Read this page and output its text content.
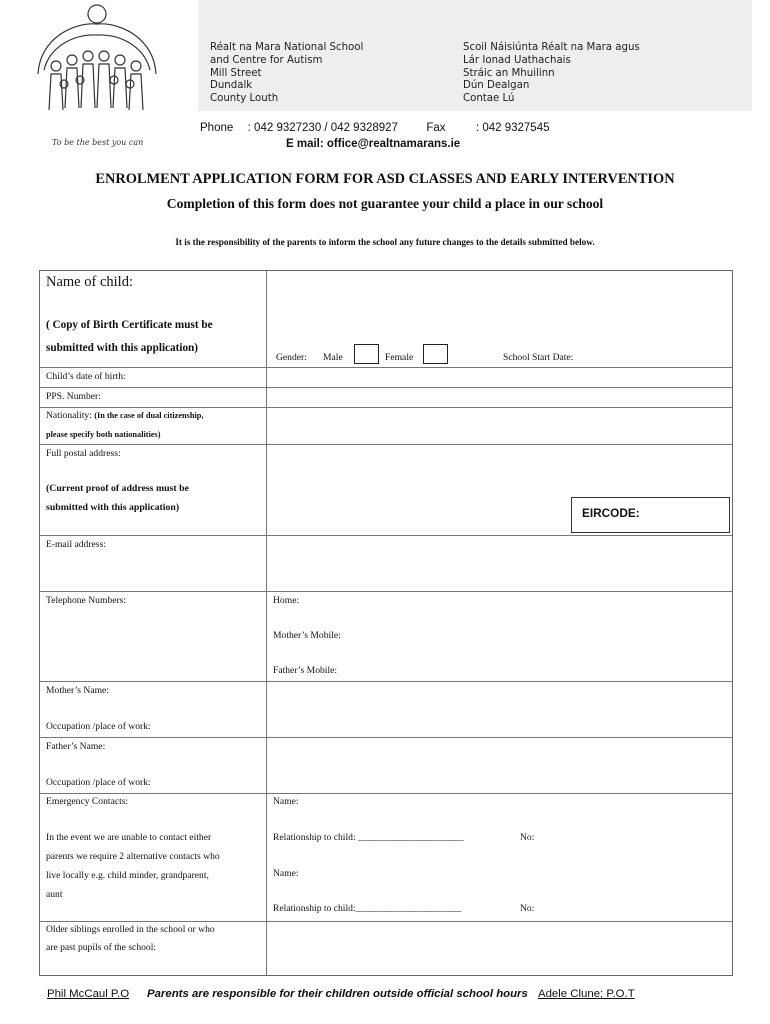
To be the best you can
Réalt na Mara National School
and Centre for Autism
Mill Street
Dundalk
County Louth
Scoil Náisiúnta Réalt na Mara agus
Lár Ionad Uathachais
Stráic an Mhuilinn
Dún Dealgan
Contae Lú
Phone : 042 9327230 / 042 9328927 Fax	: 042 9327545
E mail: office@realtnamarans.ie
ENROLMENT APPLICATION FORM FOR ASD CLASSES AND EARLY INTERVENTION
Completion of this form does not guarantee your child a place in our school
It is the responsibility of the parents to inform the school any future changes to the details submitted below.
Name of child:
( Copy of Birth Certificate must be
submitted with this application)
Gender: Male	Female	School Start Date:
Child’s date of birth:
PPS. Number:
Nationality: (In the case of dual citizenship,
please specify both nationalities)
Full postal address:
(Current proof of address must be
submitted with this application)	EIRCODE:
E-mail address:
Telephone Numbers:	Home:
Mother’s Mobile:
Father’s Mobile:
Mother’s Name:
Occupation /place of work:
Father’s Name:
Occupation /place of work:
Emergency Contacts:
In the event we are unable to contact either
parents we require 2 alternative contacts who
live locally e.g. child minder, grandparent,
aunt
Name:
Relationship to child: ______________________	No:
Name:
Relationship to child:______________________	No:
Older siblings enrolled in the school or who
are past pupils of the school:
Phil McCaul P.O Parents are responsible for their children outside official school hours Adele Clune; P.O.T
